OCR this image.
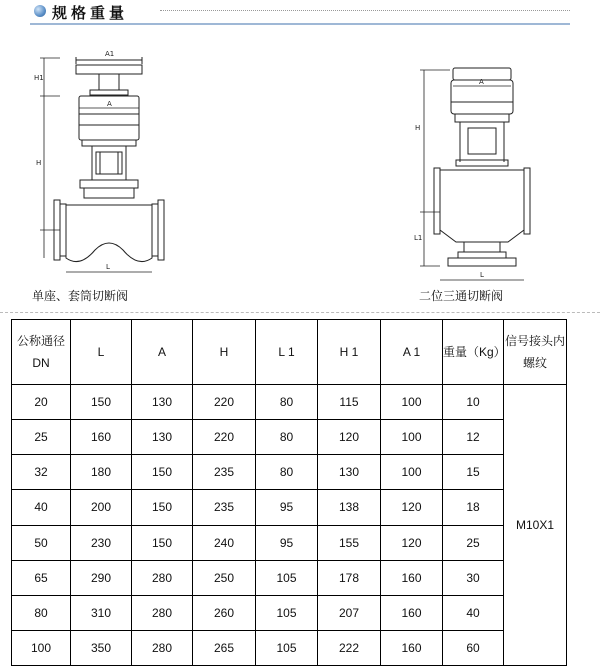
规格重量
A1
A
H1
H
L
A
H
L1
L
单座、套筒切断阀	二位三通切断阀
公称通径DN	L	A	H	L 1	H 1	A 1	重量（Kg）	信号接头内螺纹
20	150	130	220	80	115	100	10	M10X1
25	160	130	220	80	120	100	12	
32	180	150	235	80	130	100	15	
40	200	150	235	95	138	120	18	
50	230	150	240	95	155	120	25	
65	290	280	250	105	178	160	30	
80	310	280	260	105	207	160	40	
100	350	280	265	105	222	160	60	
